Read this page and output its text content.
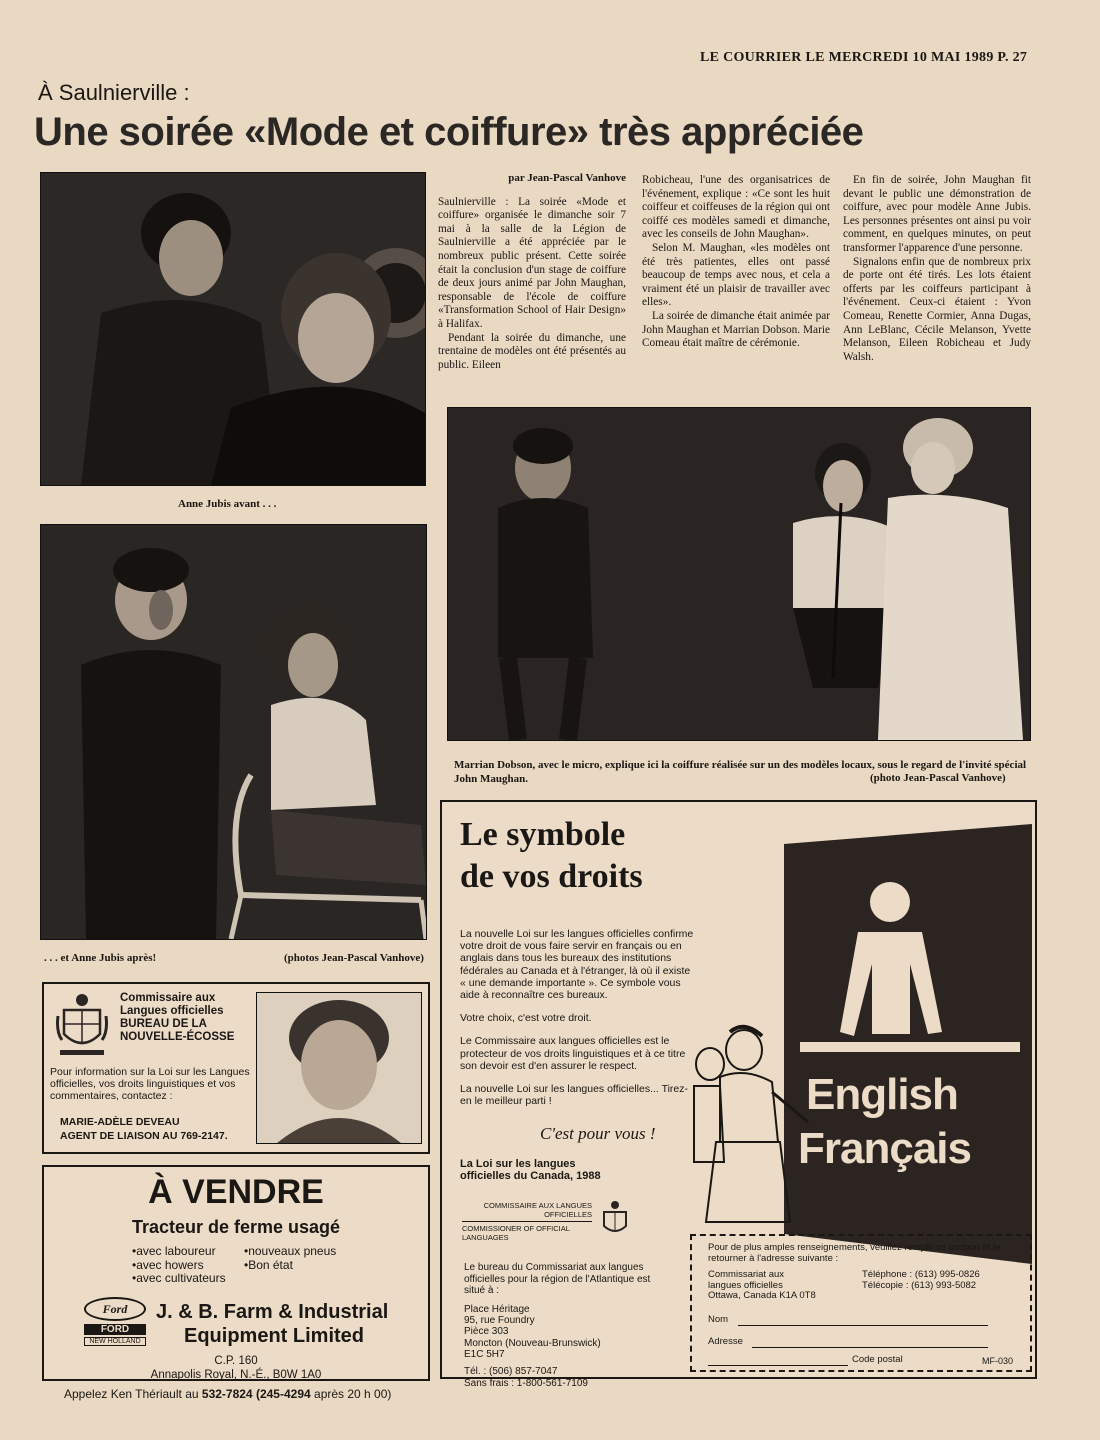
LE COURRIER LE MERCREDI 10 MAI 1989 P. 27
À Saulnierville :
Une soirée «Mode et coiffure» très appréciée
Anne Jubis avant . . .
. . . et Anne Jubis après!	(photos Jean-Pascal Vanhove)
par Jean-Pascal Vanhove

Saulnierville : La soirée «Mode et coiffure» organisée le dimanche soir 7 mai à la salle de la Légion de Saulnierville a été appréciée par le nombreux public présent. Cette soirée était la conclusion d'un stage de coiffure de deux jours animé par John Maughan, responsable de l'école de coiffure «Transformation School of Hair Design» à Halifax.

Pendant la soirée du dimanche, une trentaine de modèles ont été présentés au public. Eileen

Robicheau, l'une des organisatrices de l'événement, explique : «Ce sont les huit coiffeur et coiffeuses de la région qui ont coiffé ces modèles samedi et dimanche, avec les conseils de John Maughan».

Selon M. Maughan, «les modèles ont été très patientes, elles ont passé beaucoup de temps avec nous, et cela a vraiment été un plaisir de travailler avec elles».

La soirée de dimanche était animée par John Maughan et Marrian Dobson. Marie Comeau était maître de cérémonie.

En fin de soirée, John Maughan fit devant le public une démonstration de coiffure, avec pour modèle Anne Jubis. Les personnes présentes ont ainsi pu voir comment, en quelques minutes, on peut transformer l'apparence d'une personne.

Signalons enfin que de nombreux prix de porte ont été tirés. Les lots étaient offerts par les coiffeurs participant à l'événement. Ceux-ci étaient : Yvon Comeau, Renette Cormier, Anna Dugas, Ann LeBlanc, Cécile Melanson, Yvette Melanson, Eileen Robicheau et Judy Walsh.

Marrian Dobson, avec le micro, explique ici la coiffure réalisée sur un des modèles locaux, sous le regard de l'invité spécial John Maughan.	(photo Jean-Pascal Vanhove)
Commissaire aux
Langues officielles
BUREAU DE LA
NOUVELLE-ÉCOSSE
Pour information sur la Loi sur les Langues officielles, vos droits linguistiques et vos commentaires, contactez :
MARIE-ADÈLE DEVEAU
AGENT DE LIAISON AU 769-2147.
À VENDRE
Tracteur de ferme usagé
•avec laboureur
•avec howers
•avec cultivateurs
•nouveaux pneus
•Bon état
Ford
FORD
NEW HOLLAND
J. & B. Farm & Industrial
Equipment Limited
C.P. 160
Annapolis Royal, N.-É., B0W 1A0
Appelez Ken Thériault au 532-7824 (245-4294 après 20 h 00)
Le symbole
de vos droits
La nouvelle Loi sur les langues officielles confirme votre droit de vous faire servir en français ou en anglais dans tous les bureaux des institutions fédérales au Canada et à l'étranger, là où il existe « une demande importante ». Ce symbole vous aide à reconnaître ces bureaux.
Votre choix, c'est votre droit.
Le Commissaire aux langues officielles est le protecteur de vos droits linguistiques et à ce titre son devoir est d'en assurer le respect.
La nouvelle Loi sur les langues officielles... Tirez-en le meilleur parti !
C'est pour vous !
La Loi sur les langues
officielles du Canada, 1988
COMMISSAIRE AUX LANGUES OFFICIELLES
COMMISSIONER OF OFFICIAL LANGUAGES
Le bureau du Commissariat aux langues officielles pour la région de l'Atlantique est situé à :
Place Héritage
95, rue Foundry
Pièce 303
Moncton (Nouveau-Brunswick)
E1C 5H7
Tél. : (506) 857-7047
Sans frais : 1-800-561-7109
English
Français
Pour de plus amples renseignements, veuillez remplir ce coupon et le retourner à l'adresse suivante :
Commissariat aux
langues officielles
Ottawa, Canada K1A 0T8
Téléphone : (613) 995-0826
Télécopie : (613) 993-5082
Nom
Adresse
Code postal	MF-030
